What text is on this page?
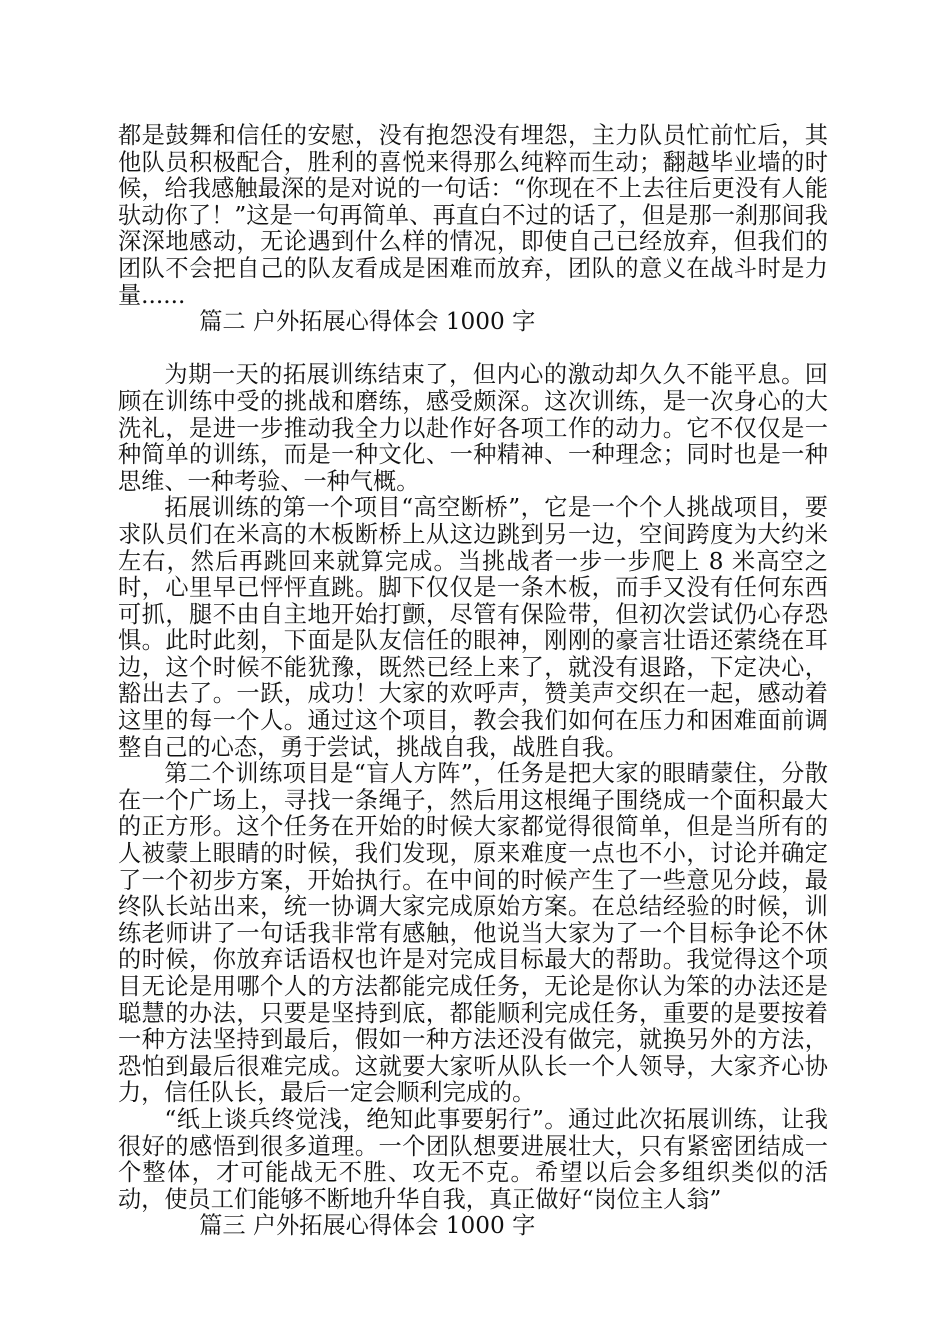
都是鼓舞和信任的安慰，没有抱怨没有埋怨，主力队员忙前忙后，其他队员积极配合，胜利的喜悦来得那么纯粹而生动；翻越毕业墙的时候，给我感触最深的是对说的一句话：“你现在不上去往后更没有人能驮动你了！”这是一句再简单、再直白不过的话了，但是那一刹那间我深深地感动，无论遇到什么样的情况，即使自己已经放弃，但我们的团队不会把自己的队友看成是困难而放弃，团队的意义在战斗时是力量......

篇二 户外拓展心得体会 1000 字

为期一天的拓展训练结束了，但内心的激动却久久不能平息。回顾在训练中受的挑战和磨练，感受颇深。这次训练，是一次身心的大洗礼，是进一步推动我全力以赴作好各项工作的动力。它不仅仅是一种简单的训练，而是一种文化、一种精神、一种理念；同时也是一种思维、一种考验、一种气概。

拓展训练的第一个项目“高空断桥”，它是一个个人挑战项目，要求队员们在米高的木板断桥上从这边跳到另一边，空间跨度为大约米左右，然后再跳回来就算完成。当挑战者一步一步爬上 8 米高空之时，心里早已怦怦直跳。脚下仅仅是一条木板，而手又没有任何东西可抓，腿不由自主地开始打颤，尽管有保险带，但初次尝试仍心存恐惧。此时此刻，下面是队友信任的眼神，刚刚的豪言壮语还萦绕在耳边，这个时候不能犹豫，既然已经上来了，就没有退路，下定决心，豁出去了。一跃，成功！大家的欢呼声，赞美声交织在一起，感动着这里的每一个人。通过这个项目，教会我们如何在压力和困难面前调整自己的心态，勇于尝试，挑战自我，战胜自我。

第二个训练项目是“盲人方阵”，任务是把大家的眼睛蒙住，分散在一个广场上，寻找一条绳子，然后用这根绳子围绕成一个面积最大的正方形。这个任务在开始的时候大家都觉得很简单，但是当所有的人被蒙上眼睛的时候，我们发现，原来难度一点也不小，讨论并确定了一个初步方案，开始执行。在中间的时候产生了一些意见分歧，最终队长站出来，统一协调大家完成原始方案。在总结经验的时候，训练老师讲了一句话我非常有感触，他说当大家为了一个目标争论不休的时候，你放弃话语权也许是对完成目标最大的帮助。我觉得这个项目无论是用哪个人的方法都能完成任务，无论是你认为笨的办法还是聪慧的办法，只要是坚持到底，都能顺利完成任务，重要的是要按着一种方法坚持到最后，假如一种方法还没有做完，就换另外的方法，恐怕到最后很难完成。这就要大家听从队长一个人领导，大家齐心协力，信任队长，最后一定会顺利完成的。

“纸上谈兵终觉浅，绝知此事要躬行”。通过此次拓展训练，让我很好的感悟到很多道理。一个团队想要进展壮大，只有紧密团结成一个整体，才可能战无不胜、攻无不克。希望以后会多组织类似的活动，使员工们能够不断地升华自我，真正做好“岗位主人翁”

篇三 户外拓展心得体会 1000 字
